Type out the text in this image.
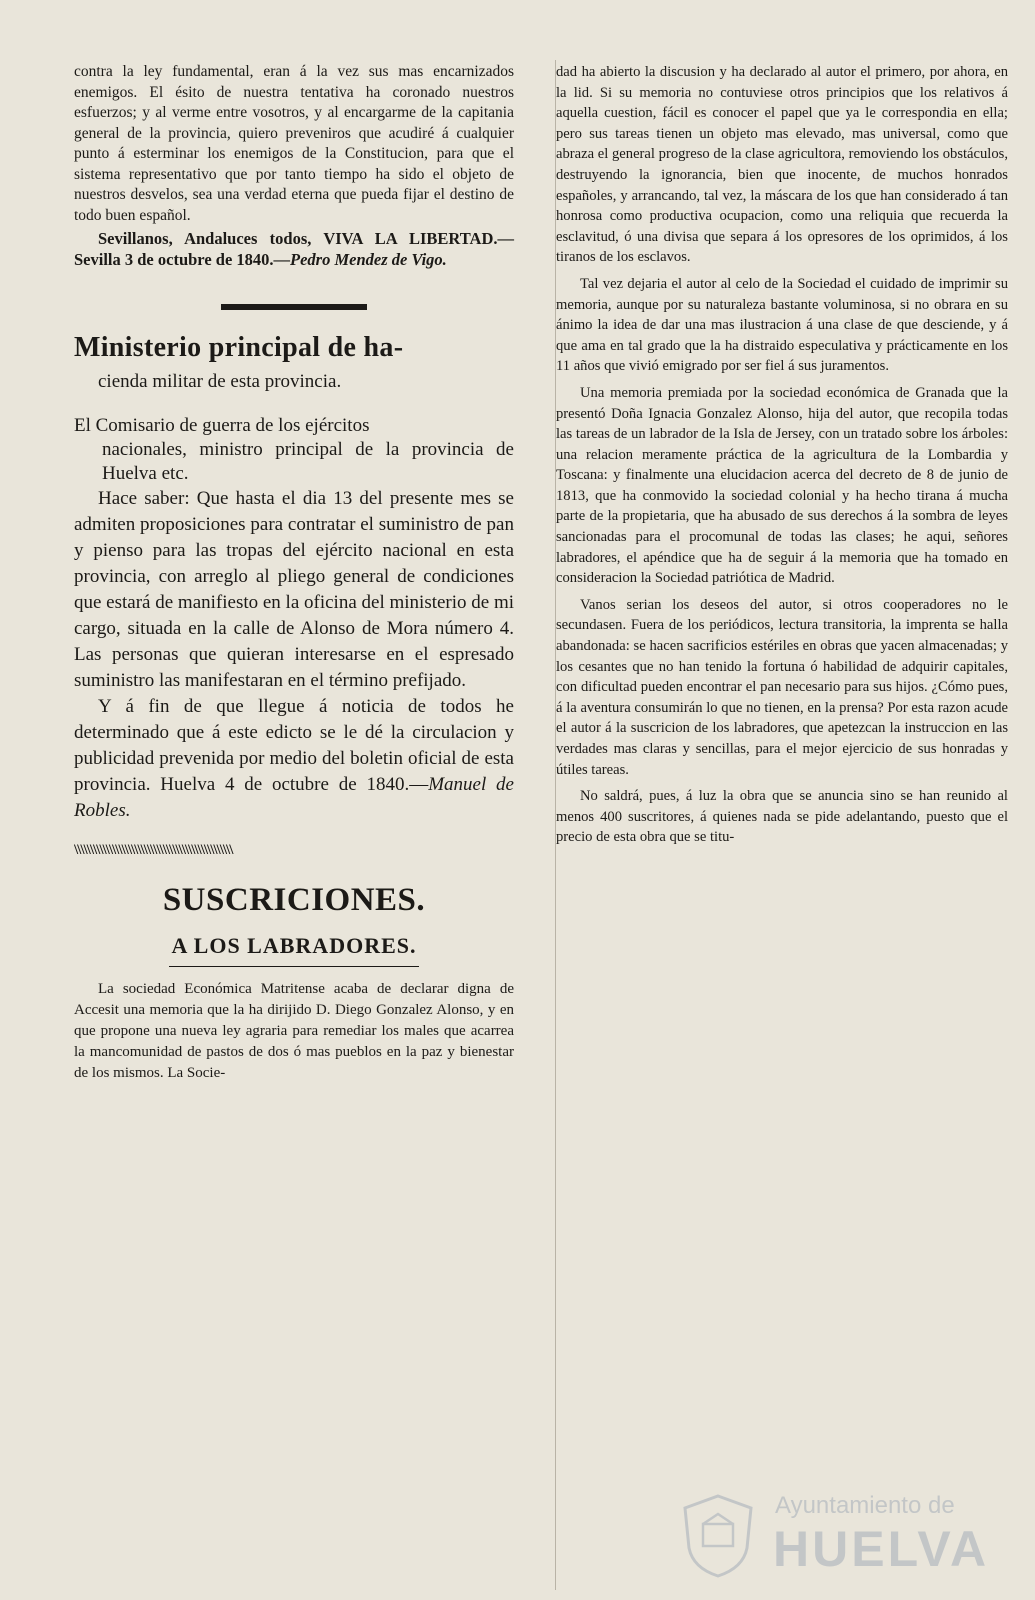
contra la ley fundamental, eran á la vez sus mas encarnizados enemigos. El ésito de nuestra tentativa ha coronado nuestros esfuerzos; y al verme entre vosotros, y al encargarme de la capitania general de la provincia, quiero preveniros que acudiré á cualquier punto á esterminar los enemigos de la Constitucion, para que el sistema representativo que por tanto tiempo ha sido el objeto de nuestros desvelos, sea una verdad eterna que pueda fijar el destino de todo buen español.

Sevillanos, Andaluces todos, VIVA LA LIBERTAD.—Sevilla 3 de octubre de 1840.—Pedro Mendez de Vigo.

Ministerio principal de ha-
cienda militar de esta provincia.
El Comisario de guerra de los ejércitos
nacionales, ministro principal de la provincia de Huelva etc.

Hace saber: Que hasta el dia 13 del presente mes se admiten proposiciones para contratar el suministro de pan y pienso para las tropas del ejército nacional en esta provincia, con arreglo al pliego general de condiciones que estará de manifiesto en la oficina del ministerio de mi cargo, situada en la calle de Alonso de Mora número 4. Las personas que quieran interesarse en el espresado suministro las manifestaran en el término prefijado.

Y á fin de que llegue á noticia de todos he determinado que á este edicto se le dé la circulacion y publicidad prevenida por medio del boletin oficial de esta provincia. Huelva 4 de octubre de 1840.—Manuel de Robles.

\\\\\\\\\\\\\\\\\\\\\\\\\\\\\\\\\\\\\\\\\\\\\\\\\\
SUSCRICIONES.
A LOS LABRADORES.

La sociedad Económica Matritense acaba de declarar digna de Accesit una memoria que la ha dirijido D. Diego Gonzalez Alonso, y en que propone una nueva ley agraria para remediar los males que acarrea la mancomunidad de pastos de dos ó mas pueblos en la paz y bienestar de los mismos. La Socie-

dad ha abierto la discusion y ha declarado al autor el primero, por ahora, en la lid. Si su memoria no contuviese otros principios que los relativos á aquella cuestion, fácil es conocer el papel que ya le correspondia en ella; pero sus tareas tienen un objeto mas elevado, mas universal, como que abraza el general progreso de la clase agricultora, removiendo los obstáculos, destruyendo la ignorancia, bien que inocente, de muchos honrados españoles, y arrancando, tal vez, la máscara de los que han considerado á tan honrosa como productiva ocupacion, como una reliquia que recuerda la esclavitud, ó una divisa que separa á los opresores de los oprimidos, á los tiranos de los esclavos.

Tal vez dejaria el autor al celo de la Sociedad el cuidado de imprimir su memoria, aunque por su naturaleza bastante voluminosa, si no obrara en su ánimo la idea de dar una mas ilustracion á una clase de que desciende, y á que ama en tal grado que la ha distraido especulativa y prácticamente en los 11 años que vivió emigrado por ser fiel á sus juramentos.

Una memoria premiada por la sociedad económica de Granada que la presentó Doña Ignacia Gonzalez Alonso, hija del autor, que recopila todas las tareas de un labrador de la Isla de Jersey, con un tratado sobre los árboles: una relacion meramente práctica de la agricultura de la Lombardia y Toscana: y finalmente una elucidacion acerca del decreto de 8 de junio de 1813, que ha conmovido la sociedad colonial y ha hecho tirana á mucha parte de la propietaria, que ha abusado de sus derechos á la sombra de leyes sancionadas para el procomunal de todas las clases; he aqui, señores labradores, el apéndice que ha de seguir á la memoria que ha tomado en consideracion la Sociedad patriótica de Madrid.

Vanos serian los deseos del autor, si otros cooperadores no le secundasen. Fuera de los periódicos, lectura transitoria, la imprenta se halla abandonada: se hacen sacrificios estériles en obras que yacen almacenadas; y los cesantes que no han tenido la fortuna ó habilidad de adquirir capitales, con dificultad pueden encontrar el pan necesario para sus hijos. ¿Cómo pues, á la aventura consumirán lo que no tienen, en la prensa? Por esta razon acude el autor á la suscricion de los labradores, que apetezcan la instruccion en las verdades mas claras y sencillas, para el mejor ejercicio de sus honradas y útiles tareas.

No saldrá, pues, á luz la obra que se anuncia sino se han reunido al menos 400 suscritores, á quienes nada se pide adelantando, puesto que el precio de esta obra que se titu-

Ayuntamiento de
HUELVA
